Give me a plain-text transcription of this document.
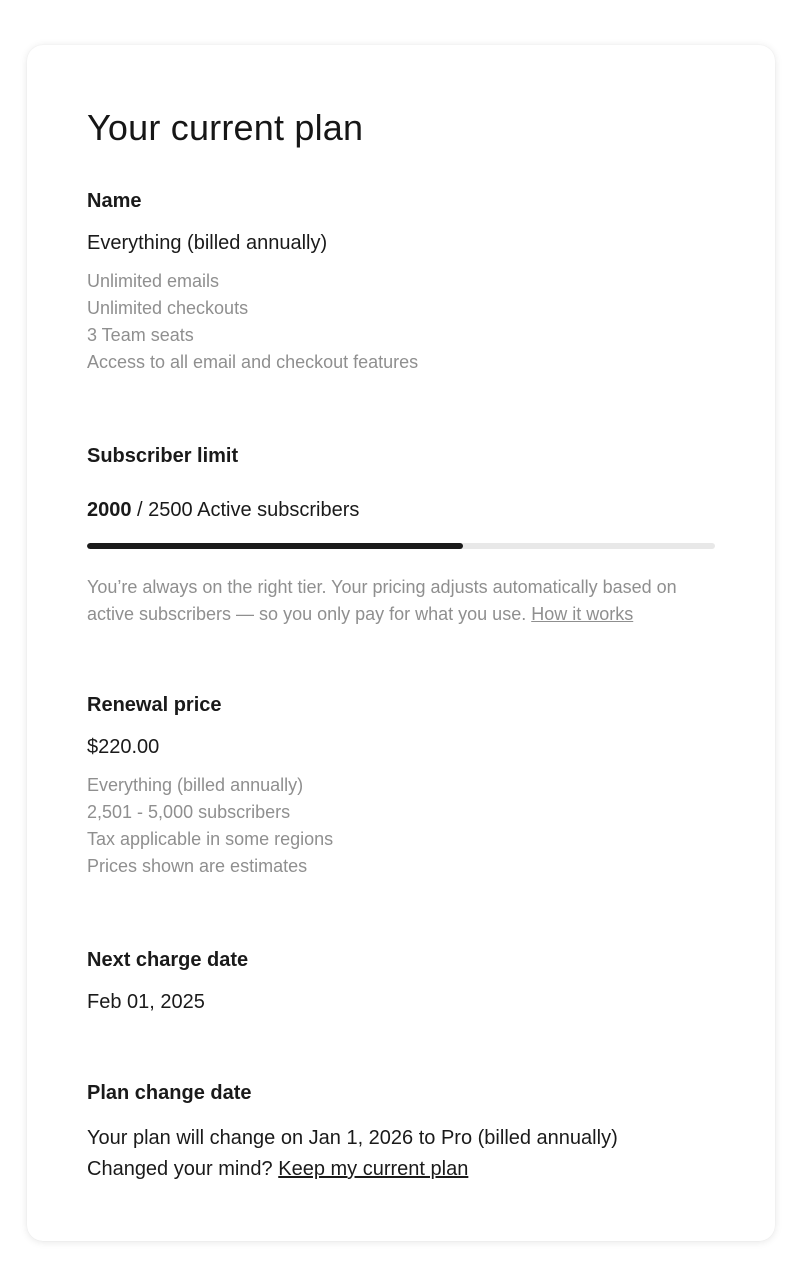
Your current plan

Name

Everything (billed annually)
Unlimited emails
Unlimited checkouts
3 Team seats
Access to all email and checkout features

Subscriber limit

2000 / 2500 Active subscribers
You’re always on the right tier. Your pricing adjusts automatically based on active subscribers — so you only pay for what you use. How it works

Renewal price

$220.00
Everything (billed annually)
2,501 - 5,000 subscribers
Tax applicable in some regions
Prices shown are estimates

Next charge date

Feb 01, 2025

Plan change date

Your plan will change on Jan 1, 2026 to Pro (billed annually)
Changed your mind? Keep my current plan
